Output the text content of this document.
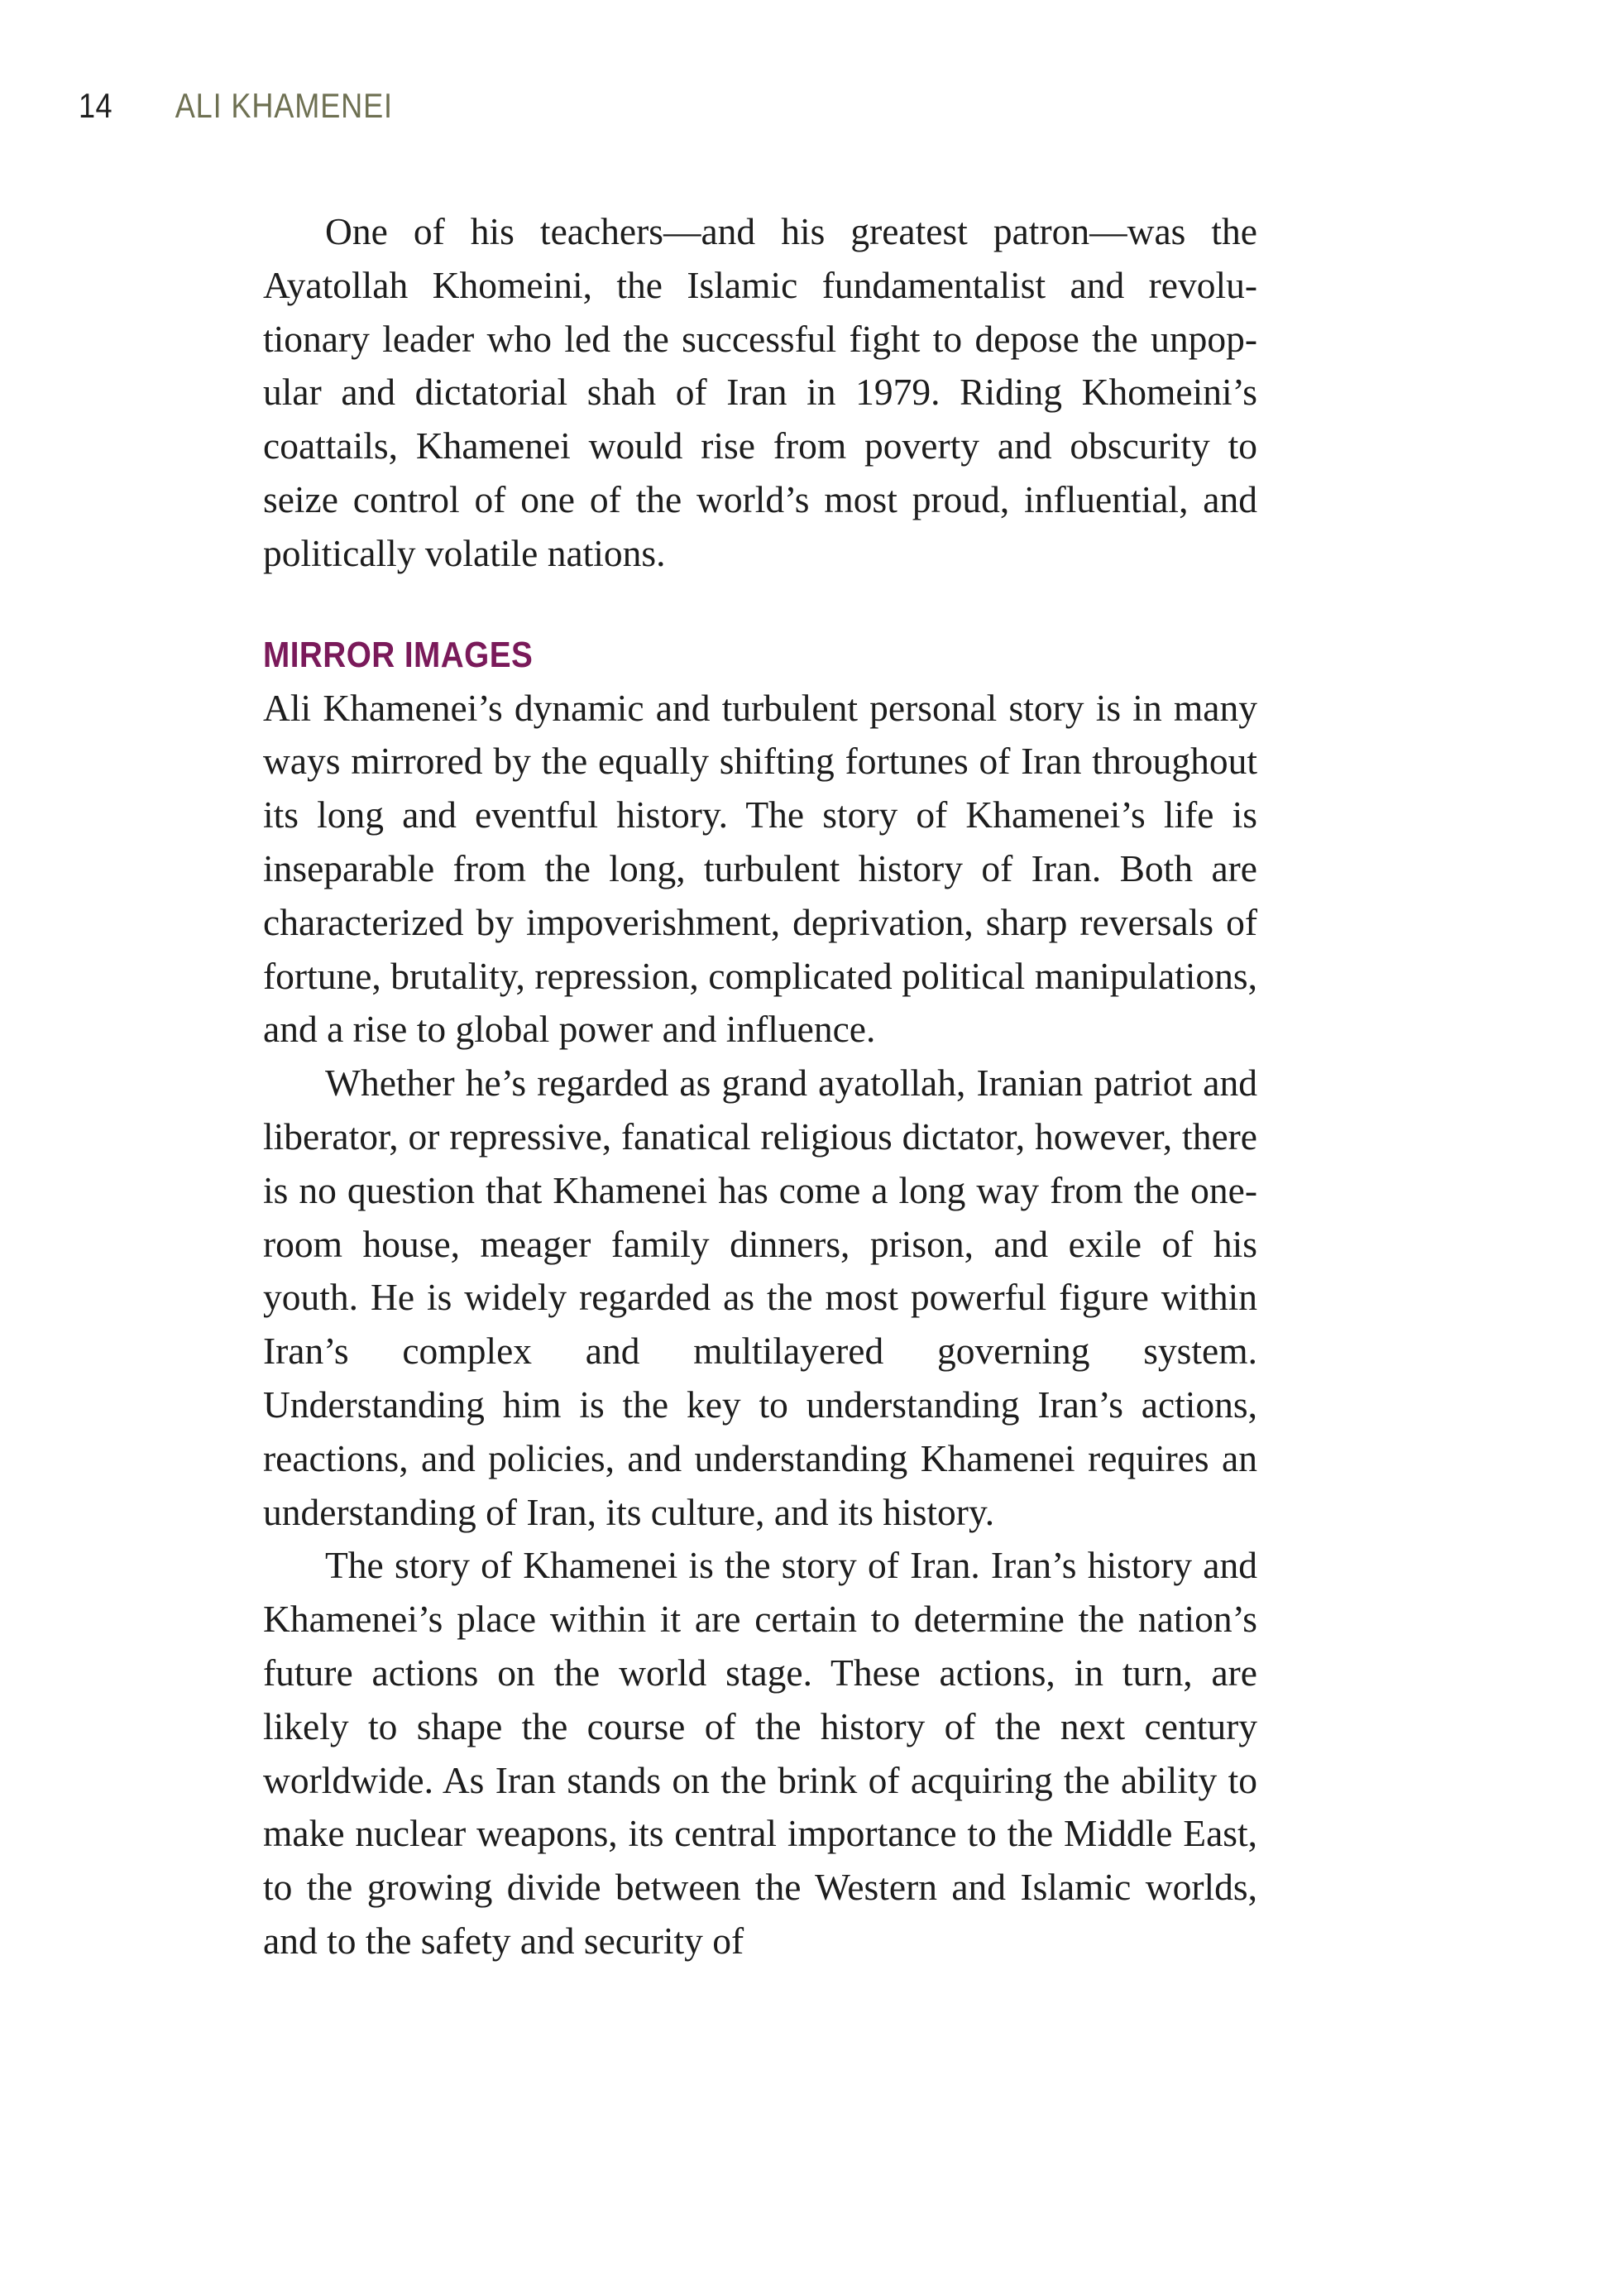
14 ALI KHAMENEI

One of his teachers—and his greatest patron—was the Ayatollah Khomeini, the Islamic fundamentalist and revolutionary leader who led the successful fight to depose the unpopular and dictatorial shah of Iran in 1979. Riding Khomeini’s coattails, Khamenei would rise from poverty and obscurity to seize control of one of the world’s most proud, influential, and politically volatile nations.

MIRROR IMAGES

Ali Khamenei’s dynamic and turbulent personal story is in many ways mirrored by the equally shifting fortunes of Iran throughout its long and eventful history. The story of Khamenei’s life is inseparable from the long, turbulent history of Iran. Both are characterized by impoverishment, deprivation, sharp reversals of fortune, brutality, repression, complicated political manipulations, and a rise to global power and influence.

Whether he’s regarded as grand ayatollah, Iranian patriot and liberator, or repressive, fanatical religious dictator, however, there is no question that Khamenei has come a long way from the one-room house, meager family dinners, prison, and exile of his youth. He is widely regarded as the most powerful figure within Iran’s complex and multilayered governing system. Understanding him is the key to understanding Iran’s actions, reactions, and policies, and understanding Khamenei requires an understanding of Iran, its culture, and its history.

The story of Khamenei is the story of Iran. Iran’s history and Khamenei’s place within it are certain to determine the nation’s future actions on the world stage. These actions, in turn, are likely to shape the course of the history of the next century worldwide. As Iran stands on the brink of acquiring the ability to make nuclear weapons, its central importance to the Middle East, to the growing divide between the Western and Islamic worlds, and to the safety and security of
